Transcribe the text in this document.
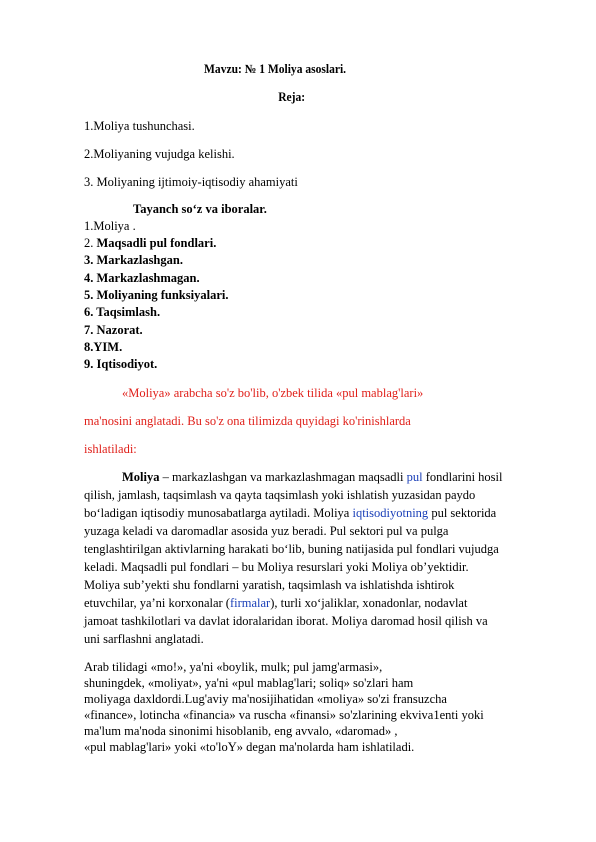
Mavzu: № 1 Moliya asoslari.
Reja:
1.Moliya tushunchasi.
2.Moliyaning vujudga kelishi.
3. Moliyaning ijtimoiy-iqtisodiy ahamiyati
Tayanch so‘z va iboralar.
1.Moliya .
2. Maqsadli pul fondlari.
3. Markazlashgan.
4. Markazlashmagan.
5. Moliyaning funksiyalari.
6. Taqsimlash.
7. Nazorat.
8.YIM.
9. Iqtisodiyot.
«Moliya» arabcha so'z bo'lib, o'zbek tilida «pul mablag'lari»
ma'nosini anglatadi. Bu so'z ona tilimizda quyidagi ko'rinishlarda
ishlatiladi:
Moliya – markazlashgan va markazlashmagan maqsadli pul fondlarini hosil
qilish, jamlash, taqsimlash va qayta taqsimlash yoki ishlatish yuzasidan paydo
bo‘ladigan iqtisodiy munosabatlarga aytiladi. Moliya iqtisodiyotning pul sektorida
yuzaga keladi va daromadlar asosida yuz beradi. Pul sektori pul va pulga
tenglashtirilgan aktivlarning harakati bo‘lib, buning natijasida pul fondlari vujudga
keladi. Maqsadli pul fondlari – bu Moliya resurslari yoki Moliya ob’yektidir.
Moliya sub’yekti shu fondlarni yaratish, taqsimlash va ishlatishda ishtirok
etuvchilar, ya’ni korxonalar (firmalar), turli xo‘jaliklar, xonadonlar, nodavlat
jamoat tashkilotlari va davlat idoralaridan iborat. Moliya daromad hosil qilish va
uni sarflashni anglatadi.
Arab tilidagi «mo!», ya'ni «boylik, mulk; pul jamg'armasi»,
shuningdek, «moliyat», ya'ni «pul mablag'lari; soliq» so'zlari ham
moliyaga daxldordi.Lug'aviy ma'nosijihatidan «moliya» so'zi fransuzcha
«finance», lotincha «financia» va ruscha «finansi» so'zlarining ekviva1enti yoki
ma'lum ma'noda sinonimi hisoblanib, eng avvalo, «daromad» ,
«pul mablag'lari» yoki «to'loY» degan ma'nolarda ham ishlatiladi.
